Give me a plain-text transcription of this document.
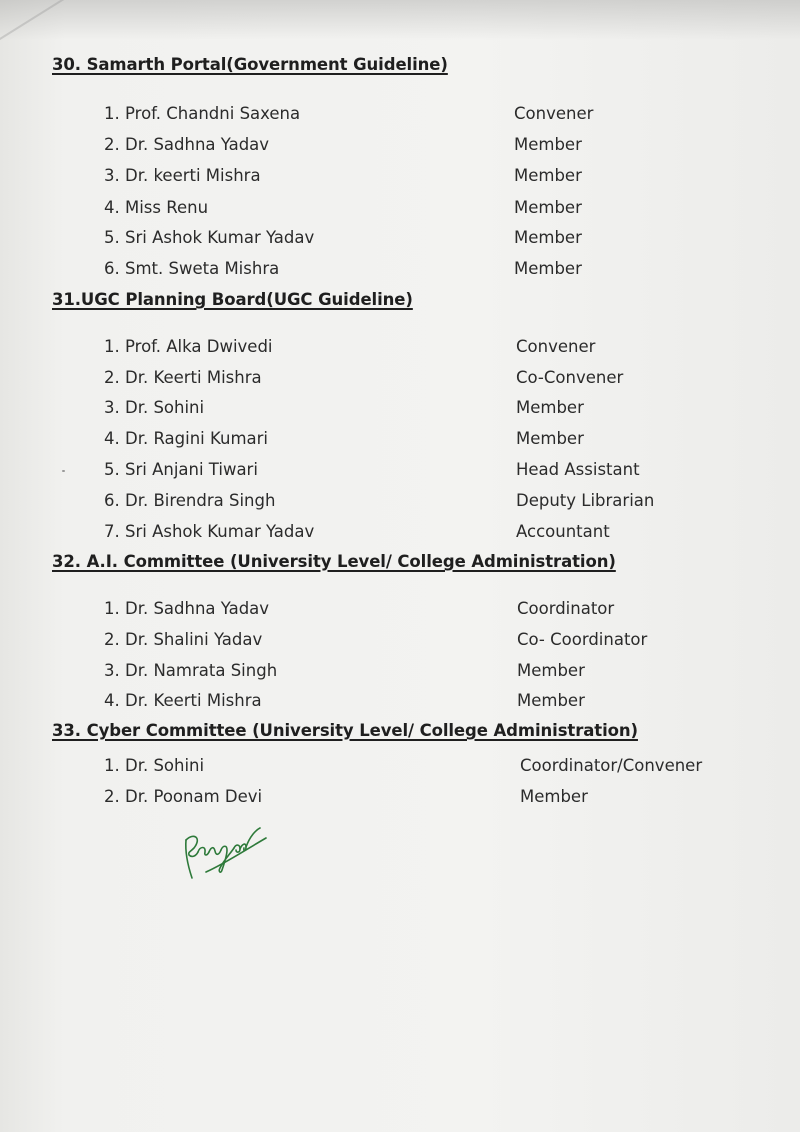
30. Samarth Portal(Government Guideline)
1. Prof. Chandni Saxena	Convener
2. Dr. Sadhna Yadav	Member
3. Dr. keerti Mishra	Member
4. Miss Renu	Member
5. Sri Ashok Kumar Yadav	Member
6. Smt. Sweta Mishra	Member
31.UGC Planning Board(UGC Guideline)
1. Prof. Alka Dwivedi	Convener
2. Dr. Keerti Mishra	Co-Convener
3. Dr. Sohini	Member
4. Dr. Ragini Kumari	Member
5. Sri Anjani Tiwari	Head Assistant
6. Dr. Birendra Singh	Deputy Librarian
7. Sri Ashok Kumar Yadav	Accountant
32. A.I. Committee (University Level/ College Administration)
1. Dr. Sadhna Yadav	Coordinator
2. Dr. Shalini Yadav	Co- Coordinator
3. Dr. Namrata Singh	Member
4. Dr. Keerti Mishra	Member
33. Cyber Committee (University Level/ College Administration)
1. Dr. Sohini	Coordinator/Convener
2. Dr. Poonam Devi	Member
